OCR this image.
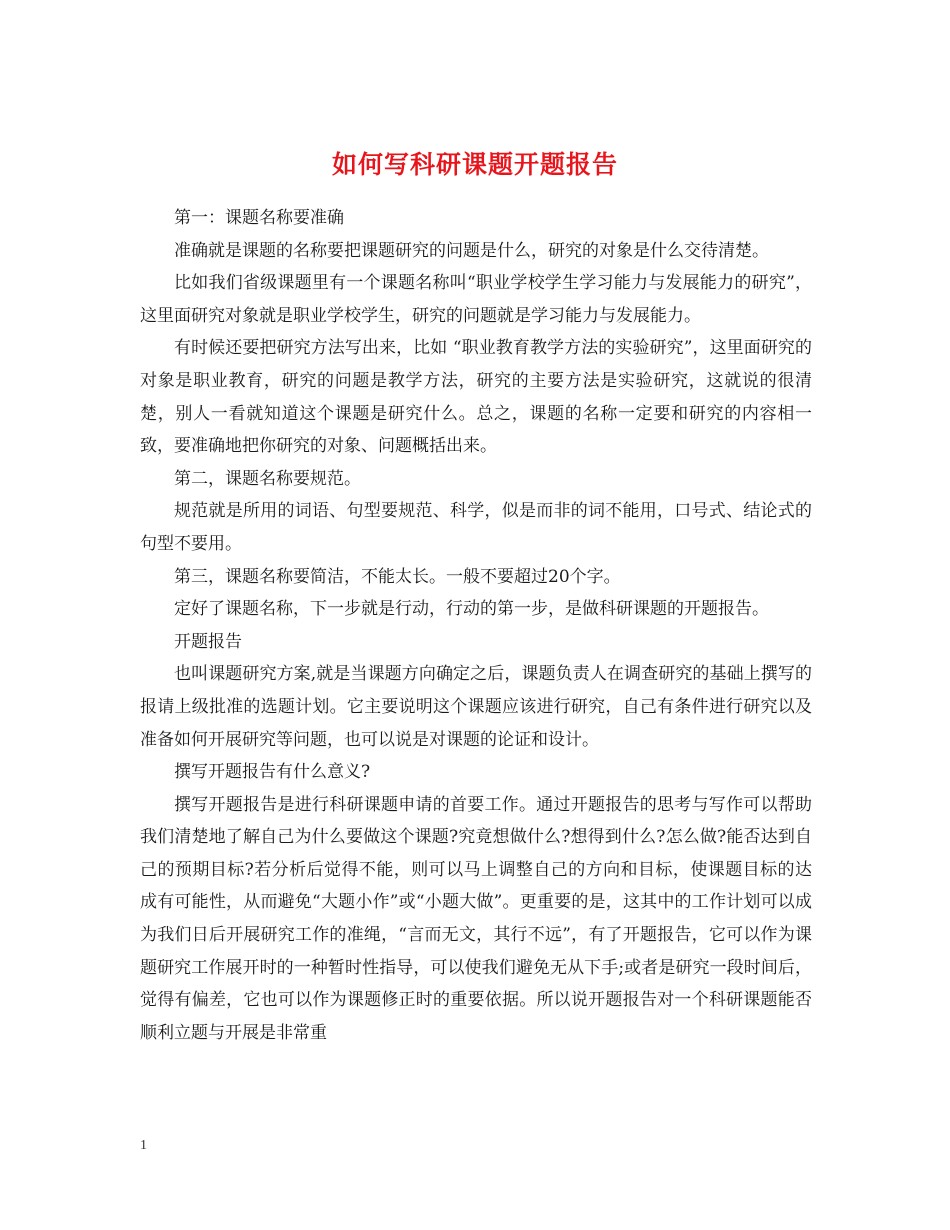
如何写科研课题开题报告

第一：课题名称要准确

准确就是课题的名称要把课题研究的问题是什么，研究的对象是什么交待清楚。

比如我们省级课题里有一个课题名称叫“职业学校学生学习能力与发展能力的研究”，这里面研究对象就是职业学校学生，研究的问题就是学习能力与发展能力。

有时候还要把研究方法写出来，比如 “职业教育教学方法的实验研究”，这里面研究的对象是职业教育，研究的问题是教学方法，研究的主要方法是实验研究，这就说的很清楚，别人一看就知道这个课题是研究什么。总之，课题的名称一定要和研究的内容相一致，要准确地把你研究的对象、问题概括出来。

第二，课题名称要规范。

规范就是所用的词语、句型要规范、科学，似是而非的词不能用，口号式、结论式的句型不要用。

第三，课题名称要简洁，不能太长。一般不要超过20个字。

定好了课题名称，下一步就是行动，行动的第一步，是做科研课题的开题报告。

开题报告

也叫课题研究方案,就是当课题方向确定之后，课题负责人在调查研究的基础上撰写的报请上级批准的选题计划。它主要说明这个课题应该进行研究，自己有条件进行研究以及准备如何开展研究等问题，也可以说是对课题的论证和设计。

撰写开题报告有什么意义?

撰写开题报告是进行科研课题申请的首要工作。通过开题报告的思考与写作可以帮助我们清楚地了解自己为什么要做这个课题?究竟想做什么?想得到什么?怎么做?能否达到自己的预期目标?若分析后觉得不能，则可以马上调整自己的方向和目标，使课题目标的达成有可能性，从而避免“大题小作”或“小题大做”。更重要的是，这其中的工作计划可以成为我们日后开展研究工作的准绳，“言而无文，其行不远”，有了开题报告，它可以作为课题研究工作展开时的一种暂时性指导，可以使我们避免无从下手;或者是研究一段时间后，觉得有偏差，它也可以作为课题修正时的重要依据。所以说开题报告对一个科研课题能否顺利立题与开展是非常重

1
